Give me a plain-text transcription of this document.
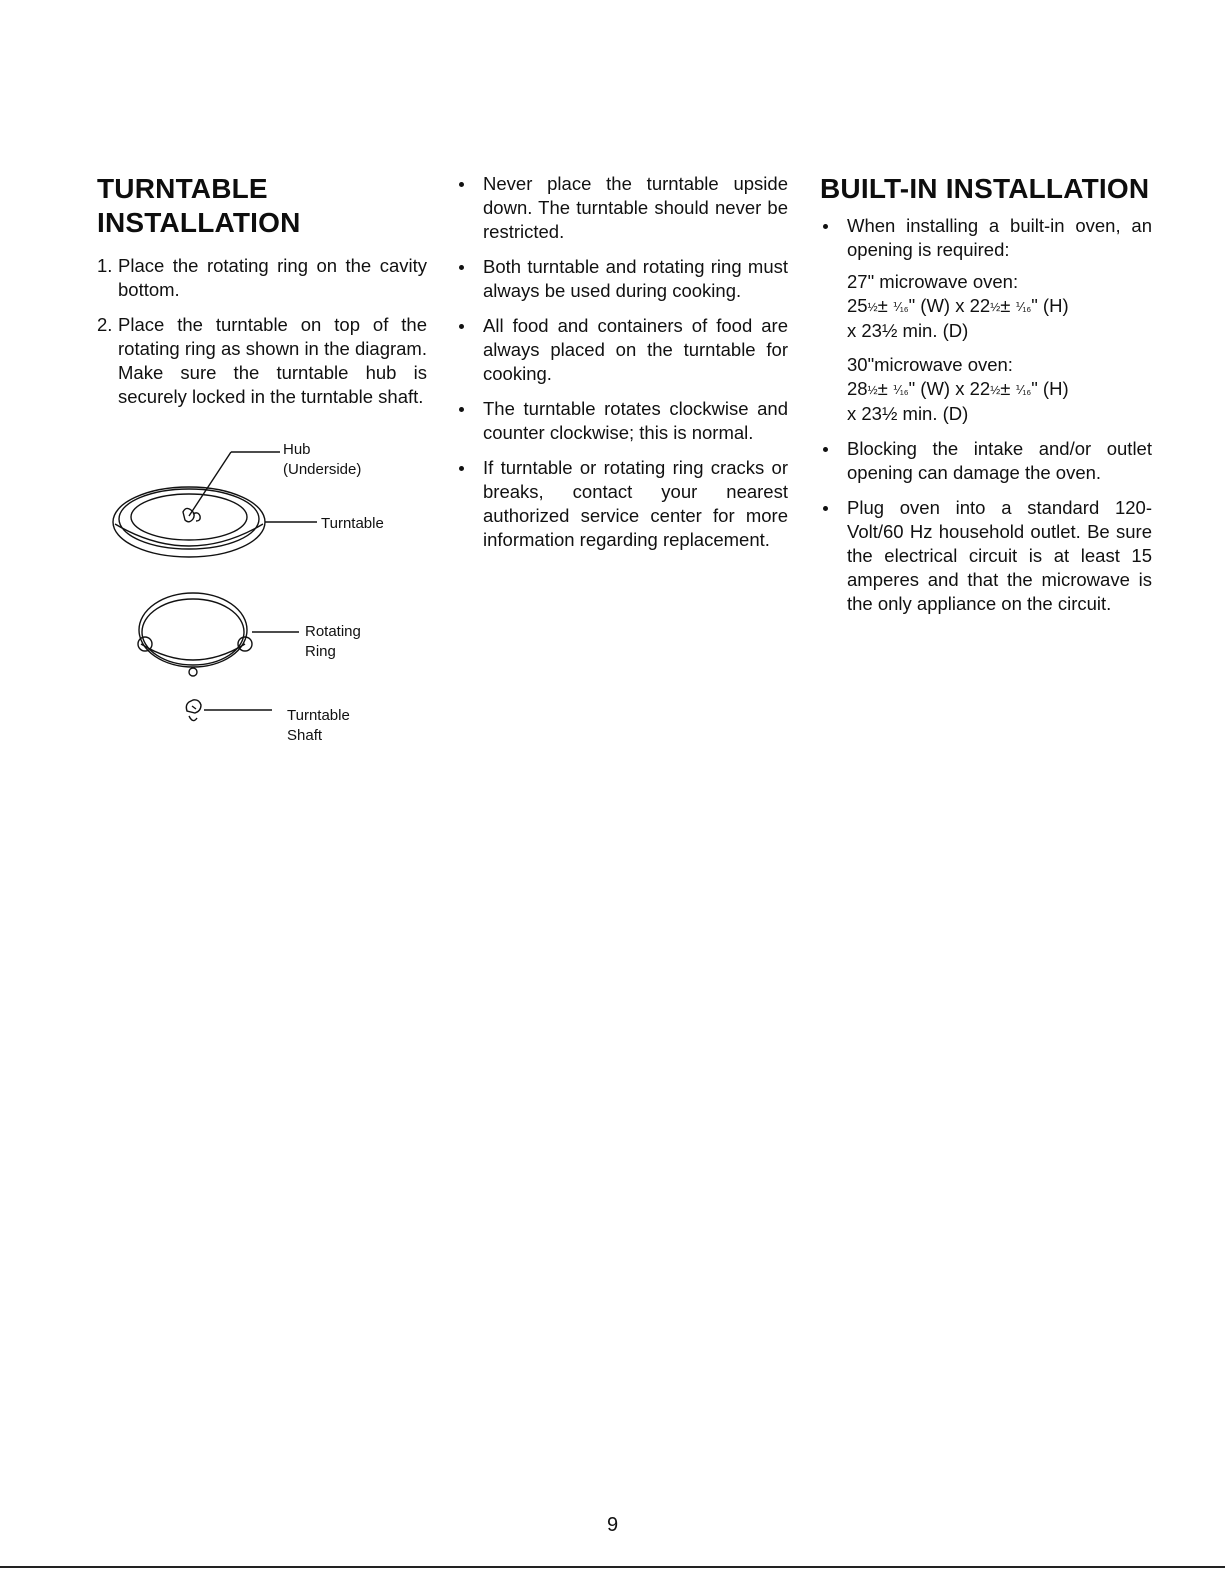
TURNTABLE
INSTALLATION
1. Place the rotating ring on the cavity bottom.
2. Place the turntable on top of the rotating ring as shown in the diagram. Make sure the turntable hub is securely locked in the turntable shaft.
Hub
(Underside)
Turntable
Rotating
Ring
Turntable
Shaft
Never place the turntable upside down. The turntable should never be restricted.
Both turntable and rotating ring must always be used during cooking.
All food and containers of food are always placed on the turntable for cooking.
The turntable rotates clockwise and counter clockwise; this is normal.
If turntable or rotating ring cracks or breaks, contact your nearest authorized service center for more information regarding replacement.
BUILT-IN INSTALLATION
When installing a built-in oven, an opening is required:
27" microwave oven:
25½± ⅟₁₆" (W) x 22½± ⅟₁₆" (H)
x 23½ min. (D)
30"microwave oven:
28½± ⅟₁₆" (W) x 22½± ⅟₁₆" (H)
x 23½ min. (D)
Blocking the intake and/or outlet opening can damage the oven.
Plug oven into a standard 120-Volt/60 Hz household outlet. Be sure the electrical circuit is at least 15 amperes and that the microwave is the only appliance on the circuit.
9
